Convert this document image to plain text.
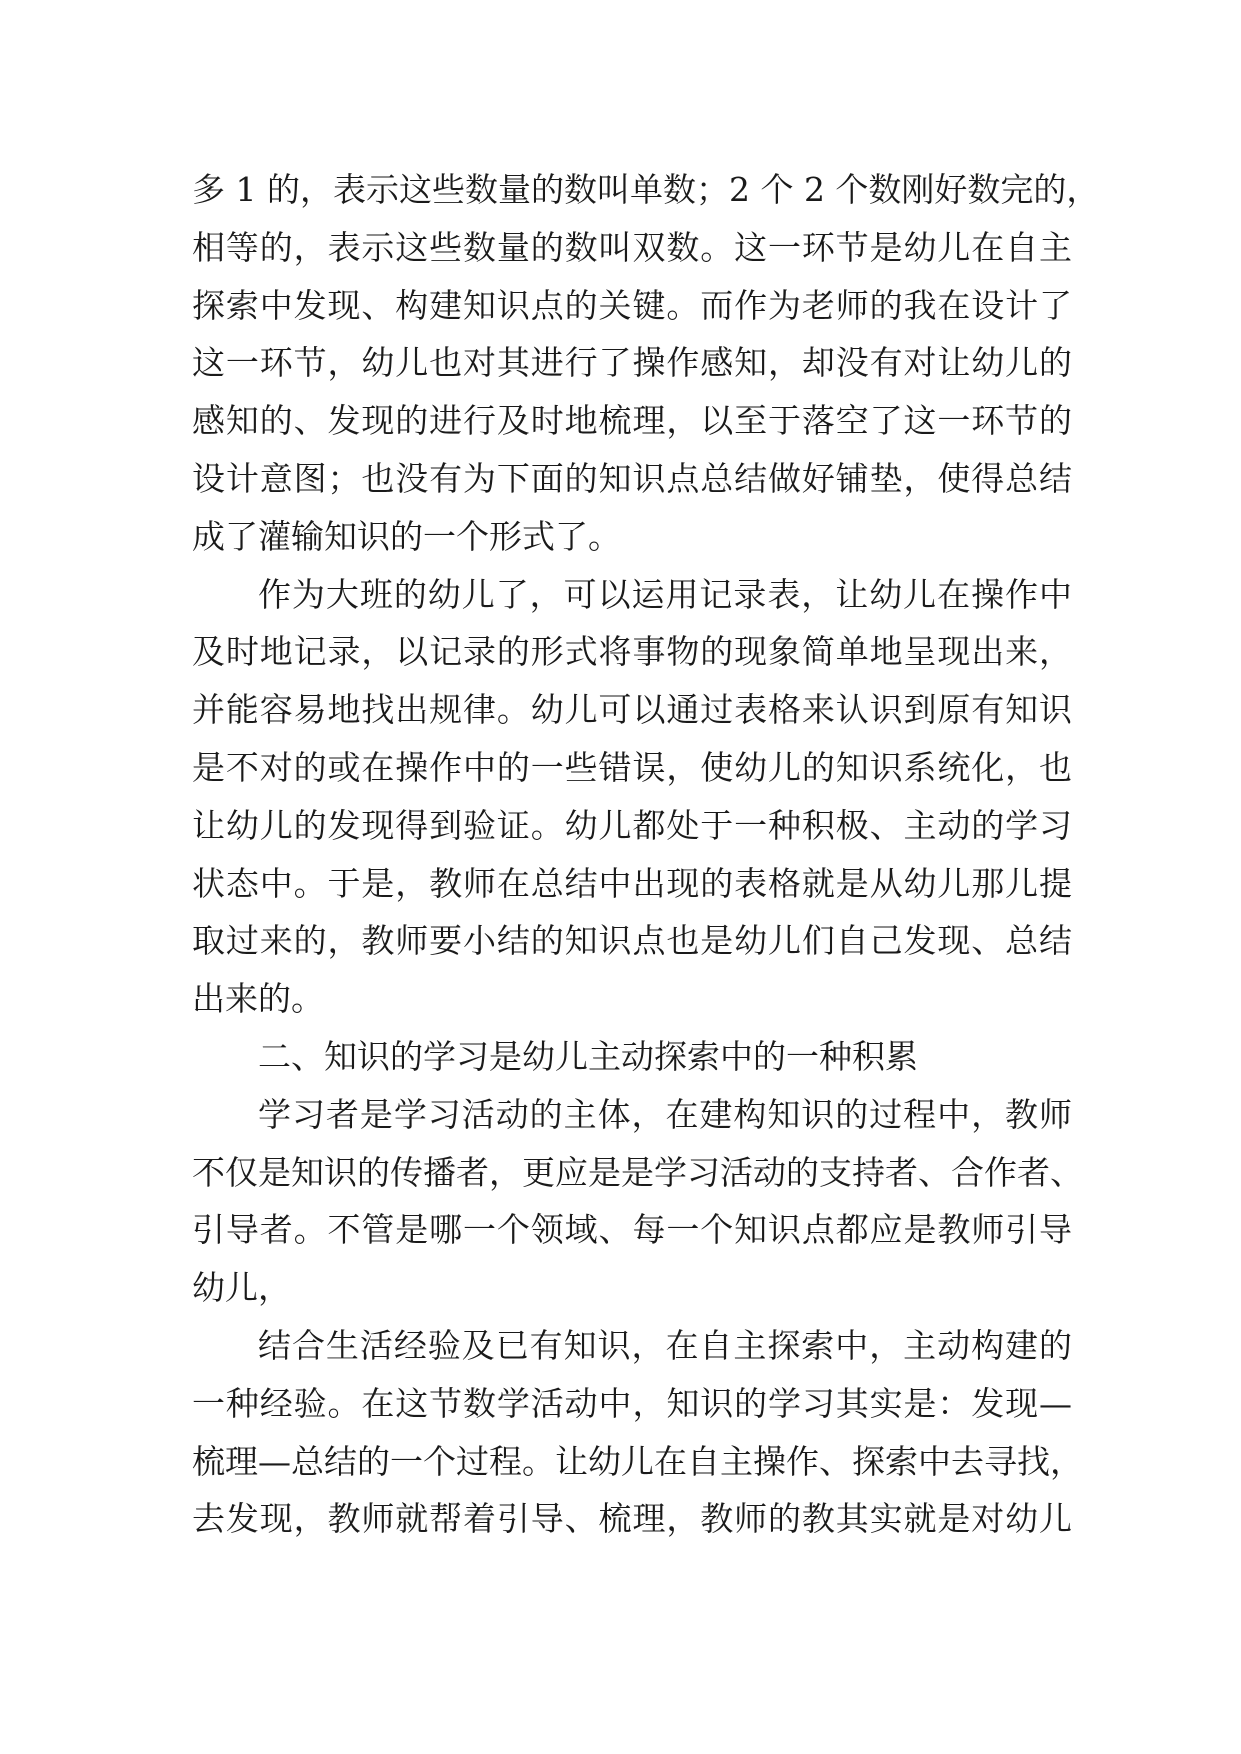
多 1 的，表示这些数量的数叫单数；2 个 2 个数刚好数完的，
相等的，表示这些数量的数叫双数。这一环节是幼儿在自主
探索中发现、构建知识点的关键。而作为老师的我在设计了
这一环节，幼儿也对其进行了操作感知，却没有对让幼儿的
感知的、发现的进行及时地梳理，以至于落空了这一环节的
设计意图；也没有为下面的知识点总结做好铺垫，使得总结
成了灌输知识的一个形式了。
作为大班的幼儿了，可以运用记录表，让幼儿在操作中
及时地记录，以记录的形式将事物的现象简单地呈现出来，
并能容易地找出规律。幼儿可以通过表格来认识到原有知识
是不对的或在操作中的一些错误，使幼儿的知识系统化，也
让幼儿的发现得到验证。幼儿都处于一种积极、主动的学习
状态中。于是，教师在总结中出现的表格就是从幼儿那儿提
取过来的，教师要小结的知识点也是幼儿们自己发现、总结
出来的。
二、知识的学习是幼儿主动探索中的一种积累
学习者是学习活动的主体，在建构知识的过程中，教师
不仅是知识的传播者，更应是是学习活动的支持者、合作者、
引导者。不管是哪一个领域、每一个知识点都应是教师引导
幼儿，
结合生活经验及已有知识，在自主探索中，主动构建的
一种经验。在这节数学活动中，知识的学习其实是：发现—
梳理—总结的一个过程。让幼儿在自主操作、探索中去寻找，
去发现，教师就帮着引导、梳理，教师的教其实就是对幼儿
